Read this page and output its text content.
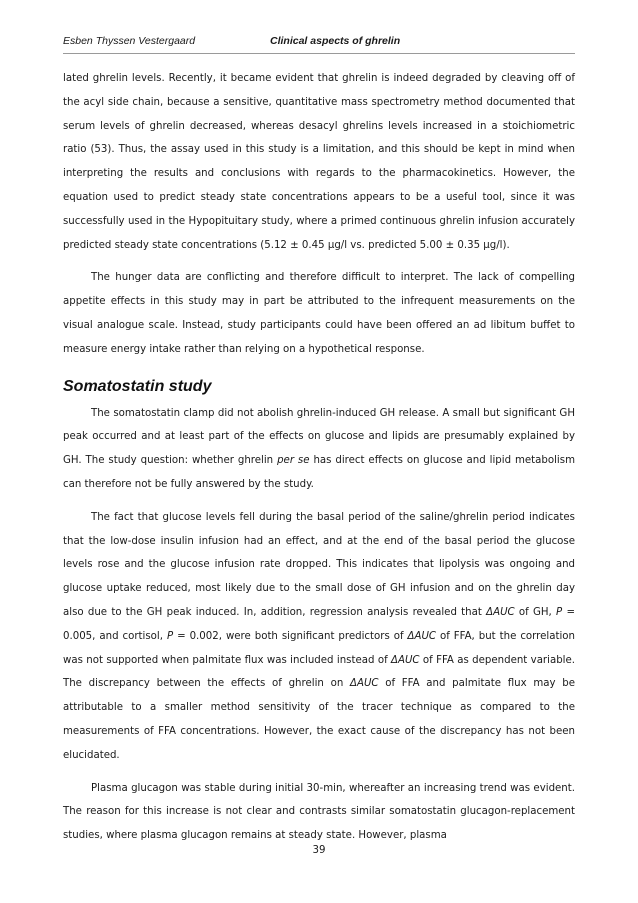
Esben Thyssen Vestergaard	Clinical aspects of ghrelin

lated ghrelin levels. Recently, it became evident that ghrelin is indeed degraded by cleaving off of the acyl side chain, because a sensitive, quantitative mass spectrometry method documented that serum levels of ghrelin decreased, whereas desacyl ghrelins levels increased in a stoichiometric ratio (53). Thus, the assay used in this study is a limitation, and this should be kept in mind when interpreting the results and conclusions with regards to the pharmacokinetics. However, the equation used to predict steady state concentrations appears to be a useful tool, since it was successfully used in the Hypopituitary study, where a primed continuous ghrelin infusion accurately predicted steady state concentrations (5.12 ± 0.45 µg/l vs. predicted 5.00 ± 0.35 µg/l).

The hunger data are conflicting and therefore difficult to interpret. The lack of compelling appetite effects in this study may in part be attributed to the infrequent measurements on the visual analogue scale. Instead, study participants could have been offered an ad libitum buffet to measure energy intake rather than relying on a hypothetical response.

Somatostatin study

The somatostatin clamp did not abolish ghrelin-induced GH release. A small but significant GH peak occurred and at least part of the effects on glucose and lipids are presumably explained by GH. The study question: whether ghrelin per se has direct effects on glucose and lipid metabolism can therefore not be fully answered by the study.

The fact that glucose levels fell during the basal period of the saline/ghrelin period indicates that the low-dose insulin infusion had an effect, and at the end of the basal period the glucose levels rose and the glucose infusion rate dropped. This indicates that lipolysis was ongoing and glucose uptake reduced, most likely due to the small dose of GH infusion and on the ghrelin day also due to the GH peak induced. In, addition, regression analysis revealed that ΔAUC of GH, P = 0.005, and cortisol, P = 0.002, were both significant predictors of ΔAUC of FFA, but the correlation was not supported when palmitate flux was included instead of ΔAUC of FFA as dependent variable. The discrepancy between the effects of ghrelin on ΔAUC of FFA and palmitate flux may be attributable to a smaller method sensitivity of the tracer technique as compared to the measurements of FFA concentrations. However, the exact cause of the discrepancy has not been elucidated.

Plasma glucagon was stable during initial 30-min, whereafter an increasing trend was evident. The reason for this increase is not clear and contrasts similar somatostatin glucagon-replacement studies, where plasma glucagon remains at steady state. However, plasma

39
